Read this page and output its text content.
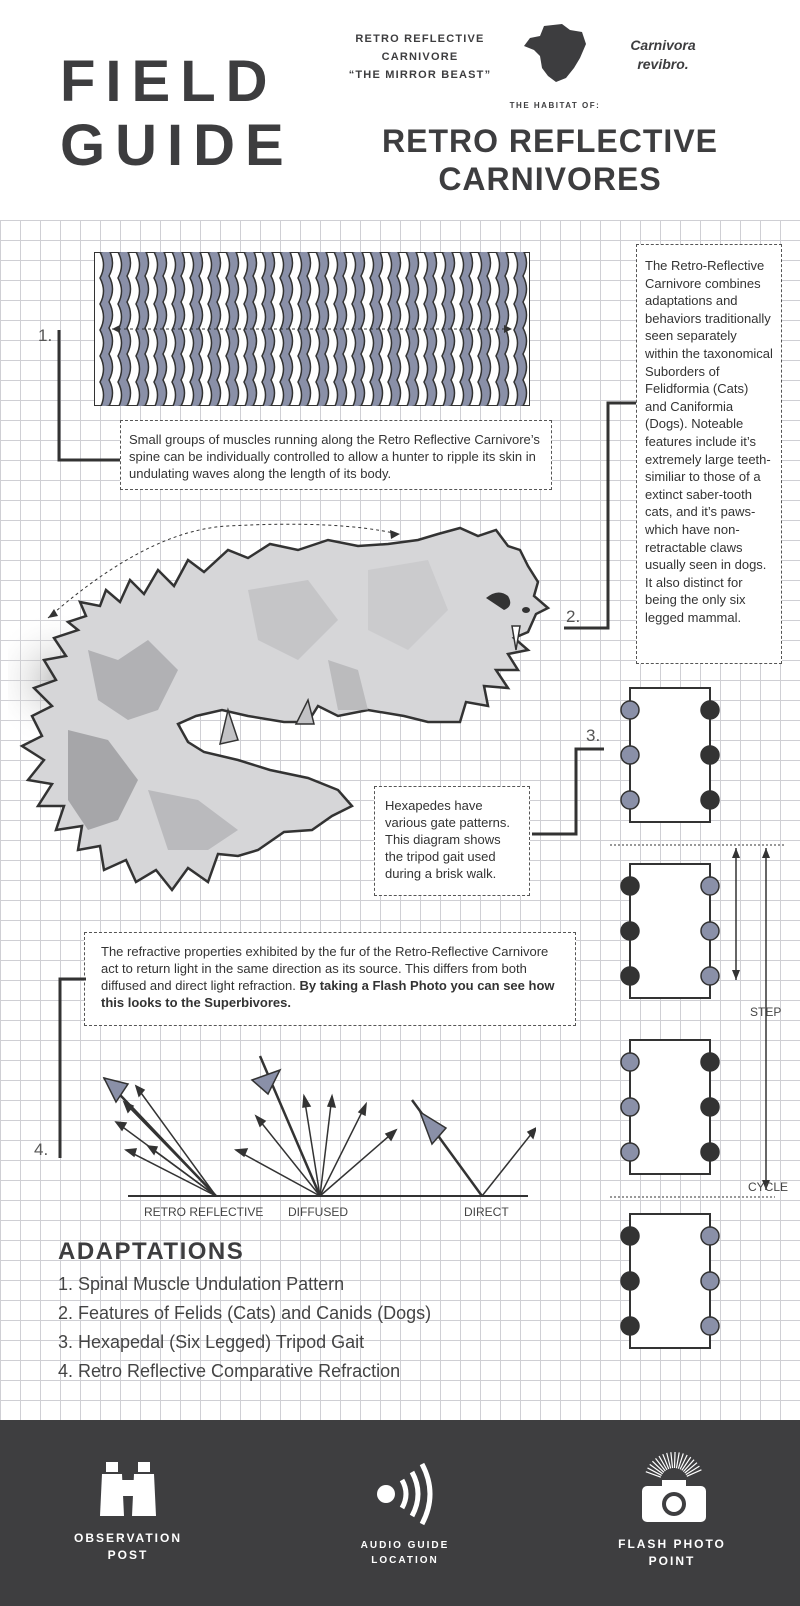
FIELD
GUIDE
RETRO REFLECTIVE
CARNIVORE
“THE MIRROR BEAST”
Carnivora
revibro.
THE HABITAT OF:
RETRO REFLECTIVE
CARNIVORES
1.
Small groups of muscles running along the Retro Reflective Carnivore’s spine can be individually controlled to allow a hunter to ripple its skin in undulating waves along the length of its body.
The Retro-Reflective Carnivore combines adaptations and behaviors traditionally seen separately within the taxonomical Suborders of Felidformia (Cats) and Caniformia (Dogs). Noteable features include it’s extremely large teeth- similiar to those of a extinct saber-tooth cats, and it’s paws- which have non-retractable claws usually seen in dogs. It also distinct for being the only six legged mammal.
2.
3.
Hexapedes have various gate patterns. This diagram shows the tripod gait used during a brisk walk.
STEP
CYCLE
The refractive properties exhibited by the fur of the Retro-Reflective Carnivore act to return light in the same direction as its source. This differs from both diffused and direct light refraction. By taking a Flash Photo you can see how this looks to the Superbivores.
4.
RETRO REFLECTIVE DIFFUSED	DIRECT
ADAPTATIONS
1. Spinal Muscle Undulation Pattern
2. Features of Felids (Cats) and Canids (Dogs)
3. Hexapedal (Six Legged) Tripod Gait
4. Retro Reflective Comparative Refraction
OBSERVATION
POST
AUDIO GUIDE
LOCATION
FLASH PHOTO
POINT
